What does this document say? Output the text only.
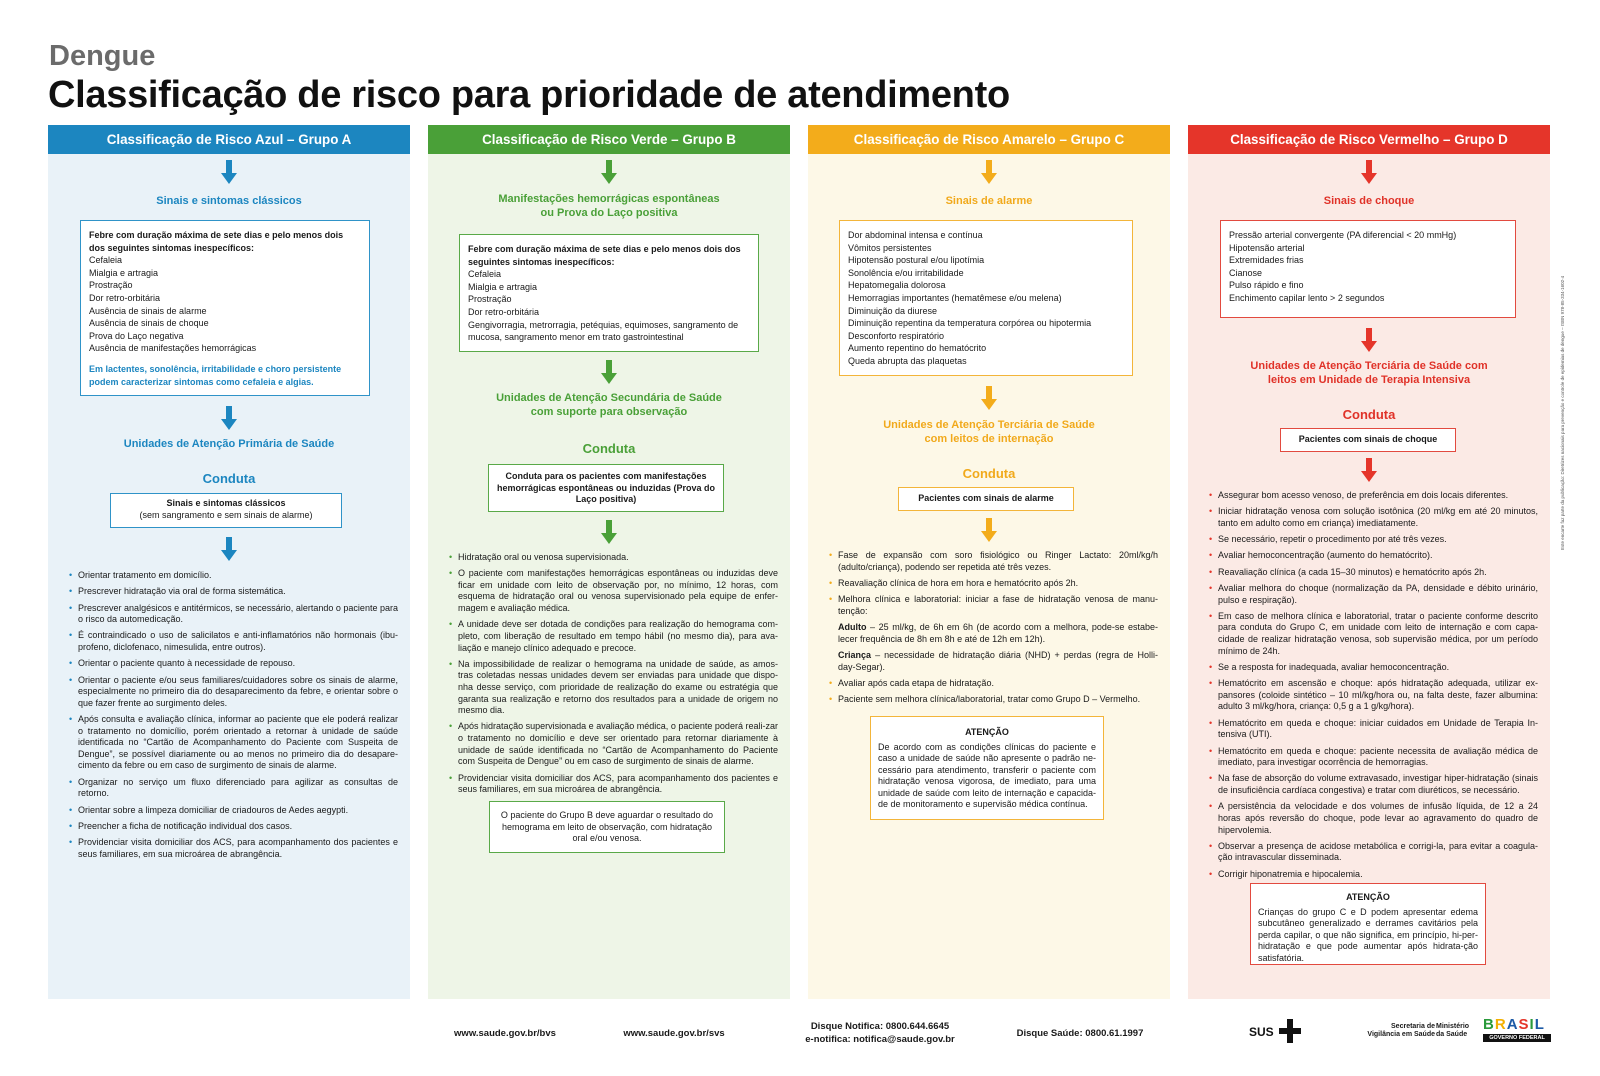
Dengue
Classificação de risco para prioridade de atendimento
Classificação de Risco Azul – Grupo A
Sinais e sintomas clássicos
Febre com duração máxima de sete dias e pelo menos dois dos seguintes sintomas inespecíficos:
Cefaleia
Mialgia e artragia
Prostração
Dor retro-orbitária
Ausência de sinais de alarme
Ausência de sinais de choque
Prova do Laço negativa
Ausência de manifestações hemorrágicas
Em lactentes, sonolência, irritabilidade e choro persistente podem caracterizar sintomas como cefaleia e algias.
Unidades de Atenção Primária de Saúde
Conduta
Sinais e sintomas clássicos
(sem sangramento e sem sinais de alarme)
• Orientar tratamento em domicílio.
• Prescrever hidratação via oral de forma sistemática.
• Prescrever analgésicos e antitérmicos, se necessário, alertando o paciente para o risco da automedicação.
• É contraindicado o uso de salicilatos e anti-inflamatórios não hormonais (ibu-profeno, diclofenaco, nimesulida, entre outros).
• Orientar o paciente quanto à necessidade de repouso.
• Orientar o paciente e/ou seus familiares/cuidadores sobre os sinais de alarme, especialmente no primeiro dia do desaparecimento da febre, e orientar sobre o que fazer frente ao surgimento deles.
• Após consulta e avaliação clínica, informar ao paciente que ele poderá realizar o tratamento no domicílio, porém orientado a retornar à unidade de saúde identificada no “Cartão de Acompanhamento do Paciente com Suspeita de Dengue”, se possível diariamente ou ao menos no primeiro dia do desapare-cimento da febre ou em caso de surgimento de sinais de alarme.
• Organizar no serviço um fluxo diferenciado para agilizar as consultas de retorno.
• Orientar sobre a limpeza domiciliar de criadouros de Aedes aegypti.
• Preencher a ficha de notificação individual dos casos.
• Providenciar visita domiciliar dos ACS, para acompanhamento dos pacientes e seus familiares, em sua microárea de abrangência.
Classificação de Risco Verde – Grupo B
Manifestações hemorrágicas espontâneas
ou Prova do Laço positiva
Febre com duração máxima de sete dias e pelo menos dois dos seguintes sintomas inespecíficos:
Cefaleia
Mialgia e artragia
Prostração
Dor retro-orbitária
Gengivorragia, metrorragia, petéquias, equimoses, sangramento de mucosa, sangramento menor em trato gastrointestinal
Unidades de Atenção Secundária de Saúde
com suporte para observação
Conduta
Conduta para os pacientes com manifestações hemorrágicas espontâneas ou induzidas (Prova do Laço positiva)
• Hidratação oral ou venosa supervisionada.
• O paciente com manifestações hemorrágicas espontâneas ou induzidas deve ficar em unidade com leito de observação por, no mínimo, 12 horas, com esquema de hidratação oral ou venosa supervisionado pela equipe de enfer-magem e avaliação médica.
• A unidade deve ser dotada de condições para realização do hemograma com-pleto, com liberação de resultado em tempo hábil (no mesmo dia), para ava-liação e manejo clínico adequado e precoce.
• Na impossibilidade de realizar o hemograma na unidade de saúde, as amos-tras coletadas nessas unidades devem ser enviadas para unidade que dispo-nha desse serviço, com prioridade de realização do exame ou estratégia que garanta sua realização e retorno dos resultados para a unidade de origem no mesmo dia.
• Após hidratação supervisionada e avaliação médica, o paciente poderá reali-zar o tratamento no domicílio e deve ser orientado para retornar diariamente à unidade de saúde identificada no “Cartão de Acompanhamento do Paciente com Suspeita de Dengue” ou em caso de surgimento de sinais de alarme.
• Providenciar visita domiciliar dos ACS, para acompanhamento dos pacientes e seus familiares, em sua microárea de abrangência.
O paciente do Grupo B deve aguardar o resultado do hemograma em leito de observação, com hidratação oral e/ou venosa.
Classificação de Risco Amarelo – Grupo C
Sinais de alarme
Dor abdominal intensa e contínua
Vômitos persistentes
Hipotensão postural e/ou lipotímia
Sonolência e/ou irritabilidade
Hepatomegalia dolorosa
Hemorragias importantes (hematêmese e/ou melena)
Diminuição da diurese
Diminuição repentina da temperatura corpórea ou hipotermia
Desconforto respiratório
Aumento repentino do hematócrito
Queda abrupta das plaquetas
Unidades de Atenção Terciária de Saúde
com leitos de internação
Conduta
Pacientes com sinais de alarme
• Fase de expansão com soro fisiológico ou Ringer Lactato: 20ml/kg/h (adulto/criança), podendo ser repetida até três vezes.
• Reavaliação clínica de hora em hora e hematócrito após 2h.
• Melhora clínica e laboratorial: iniciar a fase de hidratação venosa de manu-tenção:
Adulto – 25 ml/kg, de 6h em 6h (de acordo com a melhora, pode-se estabe-lecer frequência de 8h em 8h e até de 12h em 12h).
Criança – necessidade de hidratação diária (NHD) + perdas (regra de Holli-day-Segar).
• Avaliar após cada etapa de hidratação.
• Paciente sem melhora clínica/laboratorial, tratar como Grupo D – Vermelho.
ATENÇÃO
De acordo com as condições clínicas do paciente e caso a unidade de saúde não apresente o padrão ne-cessário para atendimento, transferir o paciente com hidratação venosa vigorosa, de imediato, para uma unidade de saúde com leito de internação e capacida-de de monitoramento e supervisão médica contínua.
Classificação de Risco Vermelho – Grupo D
Sinais de choque
Pressão arterial convergente (PA diferencial < 20 mmHg)
Hipotensão arterial
Extremidades frias
Cianose
Pulso rápido e fino
Enchimento capilar lento > 2 segundos
Unidades de Atenção Terciária de Saúde com
leitos em Unidade de Terapia Intensiva
Conduta
Pacientes com sinais de choque
• Assegurar bom acesso venoso, de preferência em dois locais diferentes.
• Iniciar hidratação venosa com solução isotônica (20 ml/kg em até 20 minutos, tanto em adulto como em criança) imediatamente.
• Se necessário, repetir o procedimento por até três vezes.
• Avaliar hemoconcentração (aumento do hematócrito).
• Reavaliação clínica (a cada 15–30 minutos) e hematócrito após 2h.
• Avaliar melhora do choque (normalização da PA, densidade e débito urinário, pulso e respiração).
• Em caso de melhora clínica e laboratorial, tratar o paciente conforme descrito para conduta do Grupo C, em unidade com leito de internação e com capa-cidade de realizar hidratação venosa, sob supervisão médica, por um período mínimo de 24h.
• Se a resposta for inadequada, avaliar hemoconcentração.
• Hematócrito em ascensão e choque: após hidratação adequada, utilizar ex-pansores (coloide sintético – 10 ml/kg/hora ou, na falta deste, fazer albumina: adulto 3 ml/kg/hora, criança: 0,5 g a 1 g/kg/hora).
• Hematócrito em queda e choque: iniciar cuidados em Unidade de Terapia In-tensiva (UTI).
• Hematócrito em queda e choque: paciente necessita de avaliação médica de imediato, para investigar ocorrência de hemorragias.
• Na fase de absorção do volume extravasado, investigar hiper-hidratação (sinais de insuficiência cardíaca congestiva) e tratar com diuréticos, se necessário.
• A persistência da velocidade e dos volumes de infusão líquida, de 12 a 24 horas após reversão do choque, pode levar ao agravamento do quadro de hipervolemia.
• Observar a presença de acidose metabólica e corrigi-la, para evitar a coagula-ção intravascular disseminada.
• Corrigir hiponatremia e hipocalemia.
ATENÇÃO
Crianças do grupo C e D podem apresentar edema subcutâneo generalizado e derrames cavitários pela perda capilar, o que não significa, em princípio, hi-per-hidratação e que pode aumentar após hidrata-ção satisfatória.
Este encarte faz parte da publicação: Diretrizes nacionais para prevenção e controle de epidemias de dengue – ISBN 978-85-334-1602-4
www.saude.gov.br/bvs	www.saude.gov.br/svs
Disque Notifica: 0800.644.6645
e-notifica: notifica@saude.gov.br
Disque Saúde: 0800.61.1997	SUS	Secretaria de
Vigilância em Saúde
Ministério
da Saúde
BRASIL
GOVERNO FEDERAL
